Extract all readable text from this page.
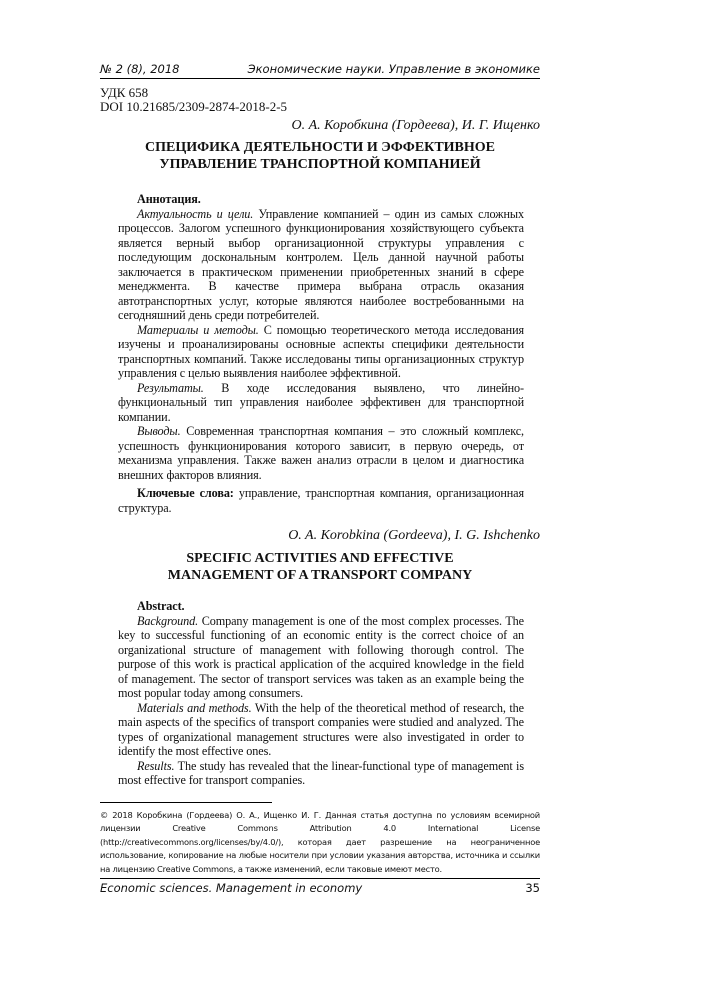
№ 2 (8), 2018	Экономические науки. Управление в экономике
УДК 658
DOI 10.21685/2309-2874-2018-2-5
О. А. Коробкина (Гордеева), И. Г. Ищенко
СПЕЦИФИКА ДЕЯТЕЛЬНОСТИ И ЭФФЕКТИВНОЕ
УПРАВЛЕНИЕ ТРАНСПОРТНОЙ КОМПАНИЕЙ

Аннотация.

Актуальность и цели. Управление компанией – один из самых сложных процессов. Залогом успешного функционирования хозяйствующего субъекта является верный выбор организационной структуры управления с последующим доскональным контролем. Цель данной научной работы заключается в практическом применении приобретенных знаний в сфере менеджмента. В качестве примера выбрана отрасль оказания автотранспортных услуг, которые являются наиболее востребованными на сегодняшний день среди потребителей.

Материалы и методы. С помощью теоретического метода исследования изучены и проанализированы основные аспекты специфики деятельности транспортных компаний. Также исследованы типы организационных структур управления с целью выявления наиболее эффективной.

Результаты. В ходе исследования выявлено, что линейно-функциональный тип управления наиболее эффективен для транспортной компании.

Выводы. Современная транспортная компания – это сложный комплекс, успешность функционирования которого зависит, в первую очередь, от механизма управления. Также важен анализ отрасли в целом и диагностика внешних факторов влияния.

Ключевые слова: управление, транспортная компания, организационная структура.

O. A. Korobkina (Gordeeva), I. G. Ishchenko
SPECIFIC ACTIVITIES AND EFFECTIVE
MANAGEMENT OF A TRANSPORT COMPANY

Abstract.

Background. Company management is one of the most complex processes. The key to successful functioning of an economic entity is the correct choice of an organizational structure of management with following thorough control. The purpose of this work is practical application of the acquired knowledge in the field of management. The sector of transport services was taken as an example being the most popular today among consumers.

Materials and methods. With the help of the theoretical method of research, the main aspects of the specifics of transport companies were studied and analyzed. The types of organizational management structures were also investigated in order to identify the most effective ones.

Results. The study has revealed that the linear-functional type of management is most effective for transport companies.

© 2018 Коробкина (Гордеева) О. А., Ищенко И. Г. Данная статья доступна по условиям всемирной лицензии Creative Commons Attribution 4.0 International License (http://creativecommons.org/licenses/by/4.0/), которая дает разрешение на неограниченное использование, копирование на любые носители при условии указания авторства, источника и ссылки на лицензию Creative Commons, а также изменений, если таковые имеют место.
Economic sciences. Management in economy	35
